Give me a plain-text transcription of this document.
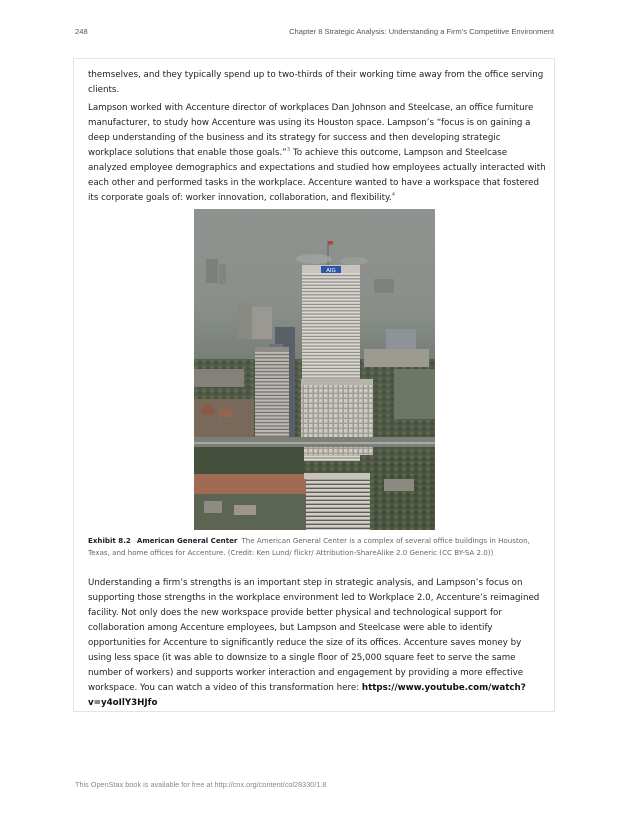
248	Chapter 8 Strategic Analysis: Understanding a Firm’s Competitive Environment

themselves, and they typically spend up to two-thirds of their working time away from the office serving clients.

Lampson worked with Accenture director of workplaces Dan Johnson and Steelcase, an office furniture manufacturer, to study how Accenture was using its Houston space. Lampson’s “focus is on gaining a deep understanding of the business and its strategy for success and then developing strategic workplace solutions that enable those goals.”$^3$ To achieve this outcome, Lampson and Steelcase analyzed employee demographics and expectations and studied how employees actually interacted with each other and performed tasks in the workplace. Accenture wanted to have a workspace that fostered its corporate goals of: worker innovation, collaboration, and flexibility.$^4$

AIG

Exhibit 8.2 American General Center The American General Center is a complex of several office buildings in Houston, Texas, and home offices for Accenture. (Credit: Ken Lund/ flickr/ Attribution-ShareAlike 2.0 Generic (CC BY-SA 2.0))

Understanding a firm’s strengths is an important step in strategic analysis, and Lampson’s focus on supporting those strengths in the workplace environment led to Workplace 2.0, Accenture’s reimagined facility. Not only does the new workspace provide better physical and technological support for collaboration among Accenture employees, but Lampson and Steelcase were able to identify opportunities for Accenture to significantly reduce the size of its offices. Accenture saves money by using less space (it was able to downsize to a single floor of 25,000 square feet to serve the same number of workers) and supports worker interaction and engagement by providing a more effective workspace. You can watch a video of this transformation here: https://www.youtube.com/watch?v=y4oIlY3HJfo

This OpenStax book is available for free at http://cnx.org/content/col28330/1.8
